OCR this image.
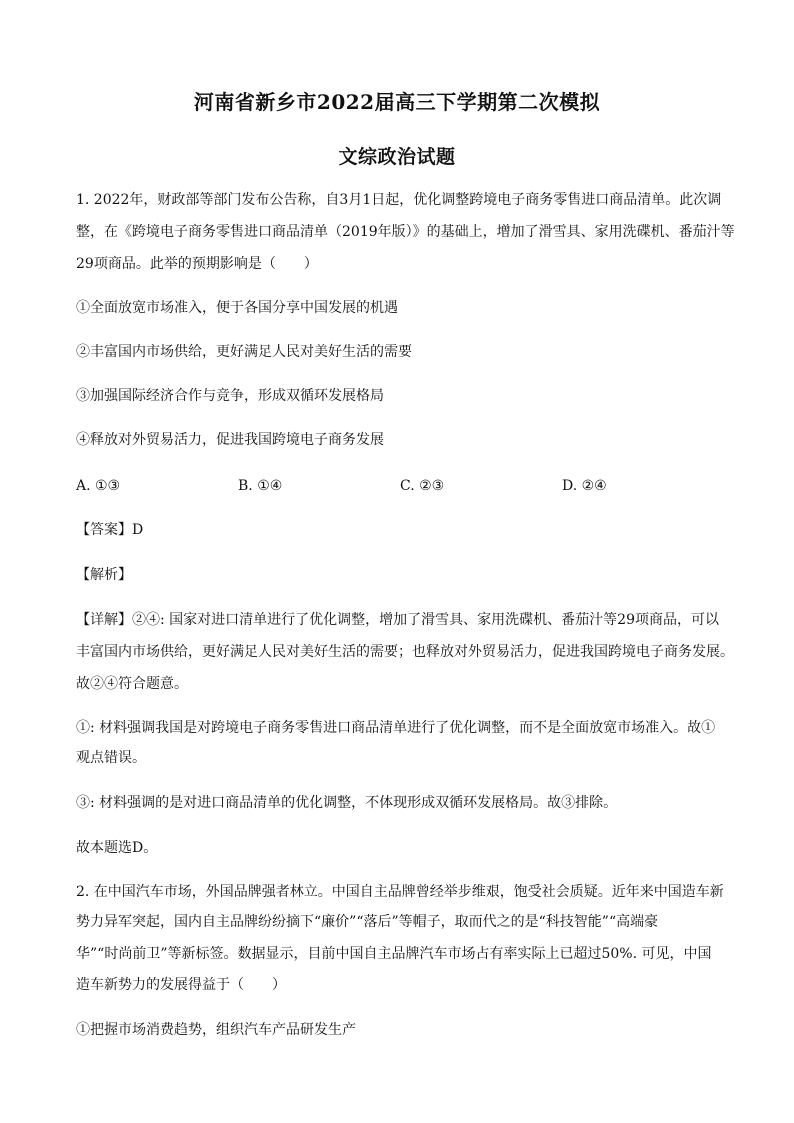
河南省新乡市2022届高三下学期第二次模拟
文综政治试题
1. 2022年，财政部等部门发布公告称，自3月1日起，优化调整跨境电子商务零售进口商品清单。此次调
整，在《跨境电子商务零售进口商品清单（2019年版）》的基础上，增加了滑雪具、家用洗碟机、番茄汁等
29项商品。此举的预期影响是（　　）
①全面放宽市场准入，便于各国分享中国发展的机遇
②丰富国内市场供给，更好满足人民对美好生活的需要
③加强国际经济合作与竞争，形成双循环发展格局
④释放对外贸易活力，促进我国跨境电子商务发展
A. ①③	B. ①④	C. ②③	D. ②④
【答案】D
【解析】
【详解】②④: 国家对进口清单进行了优化调整，增加了滑雪具、家用洗碟机、番茄汁等29项商品，可以
丰富国内市场供给，更好满足人民对美好生活的需要；也释放对外贸易活力，促进我国跨境电子商务发展。
故②④符合题意。
①: 材料强调我国是对跨境电子商务零售进口商品清单进行了优化调整，而不是全面放宽市场准入。故①
观点错误。
③: 材料强调的是对进口商品清单的优化调整，不体现形成双循环发展格局。故③排除。
故本题选D。
2. 在中国汽车市场，外国品牌强者林立。中国自主品牌曾经举步维艰，饱受社会质疑。近年来中国造车新
势力异军突起，国内自主品牌纷纷摘下“廉价”“落后”等帽子，取而代之的是“科技智能”“高端豪
华”“时尚前卫”等新标签。数据显示，目前中国自主品牌汽车市场占有率实际上已超过50%. 可见，中国
造车新势力的发展得益于（　　）
①把握市场消费趋势，组织汽车产品研发生产
